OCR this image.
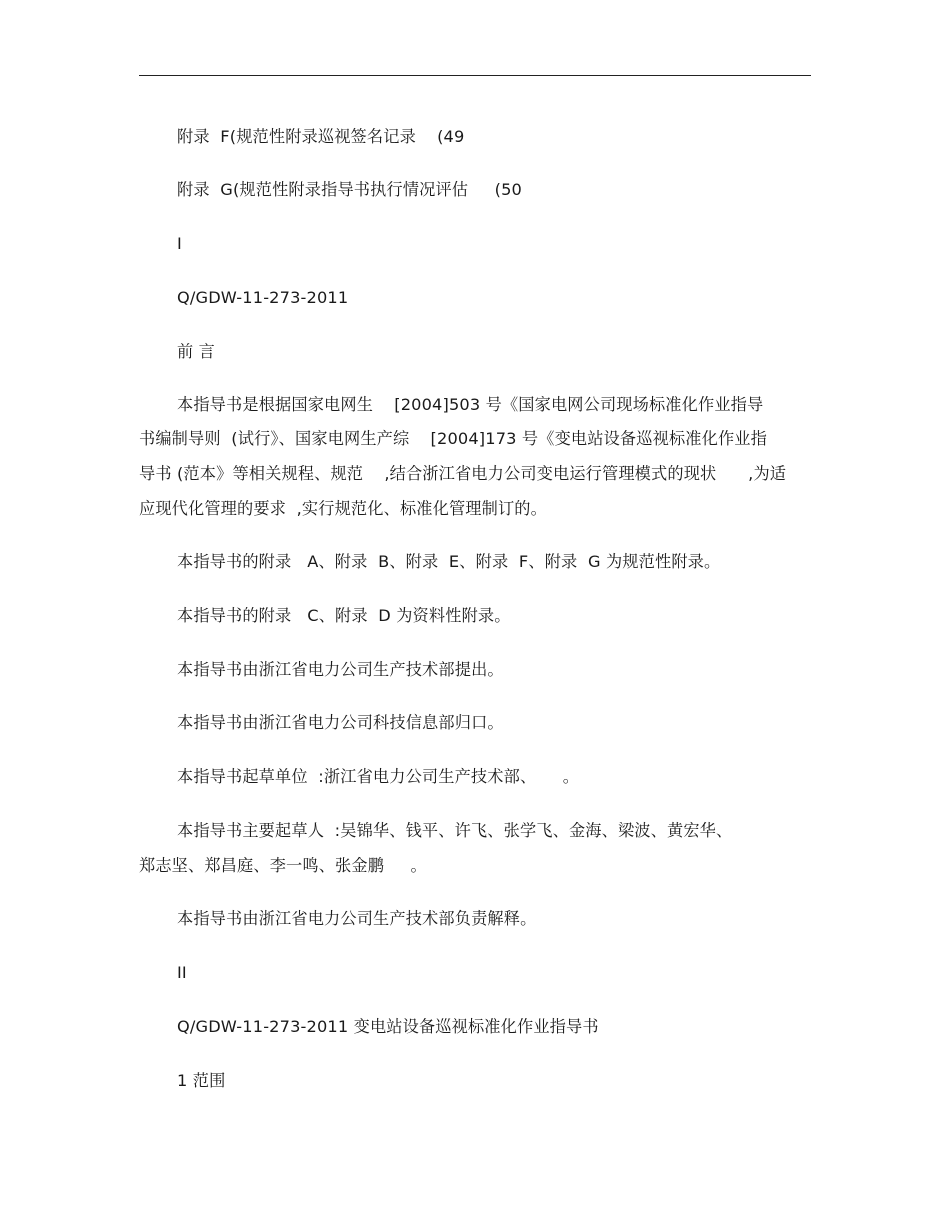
附录  F(规范性附录巡视签名记录    (49
附录  G(规范性附录指导书执行情况评估     (50
I
Q/GDW-11-273-2011
前 言
本指导书是根据国家电网生    [2004]503 号《国家电网公司现场标准化作业指导
书编制导则  (试行》、国家电网生产综    [2004]173 号《变电站设备巡视标准化作业指
导书 (范本》等相关规程、规范    ,结合浙江省电力公司变电运行管理模式的现状      ,为适
应现代化管理的要求  ,实行规范化、标准化管理制订的。
本指导书的附录   A、附录  B、附录  E、附录  F、附录  G 为规范性附录。
本指导书的附录   C、附录  D 为资料性附录。
本指导书由浙江省电力公司生产技术部提出。
本指导书由浙江省电力公司科技信息部归口。
本指导书起草单位  :浙江省电力公司生产技术部、     。
本指导书主要起草人  :吴锦华、钱平、许飞、张学飞、金海、梁波、黄宏华、
郑志坚、郑昌庭、李一鸣、张金鹏     。
本指导书由浙江省电力公司生产技术部负责解释。
II
Q/GDW-11-273-2011 变电站设备巡视标准化作业指导书
1 范围
